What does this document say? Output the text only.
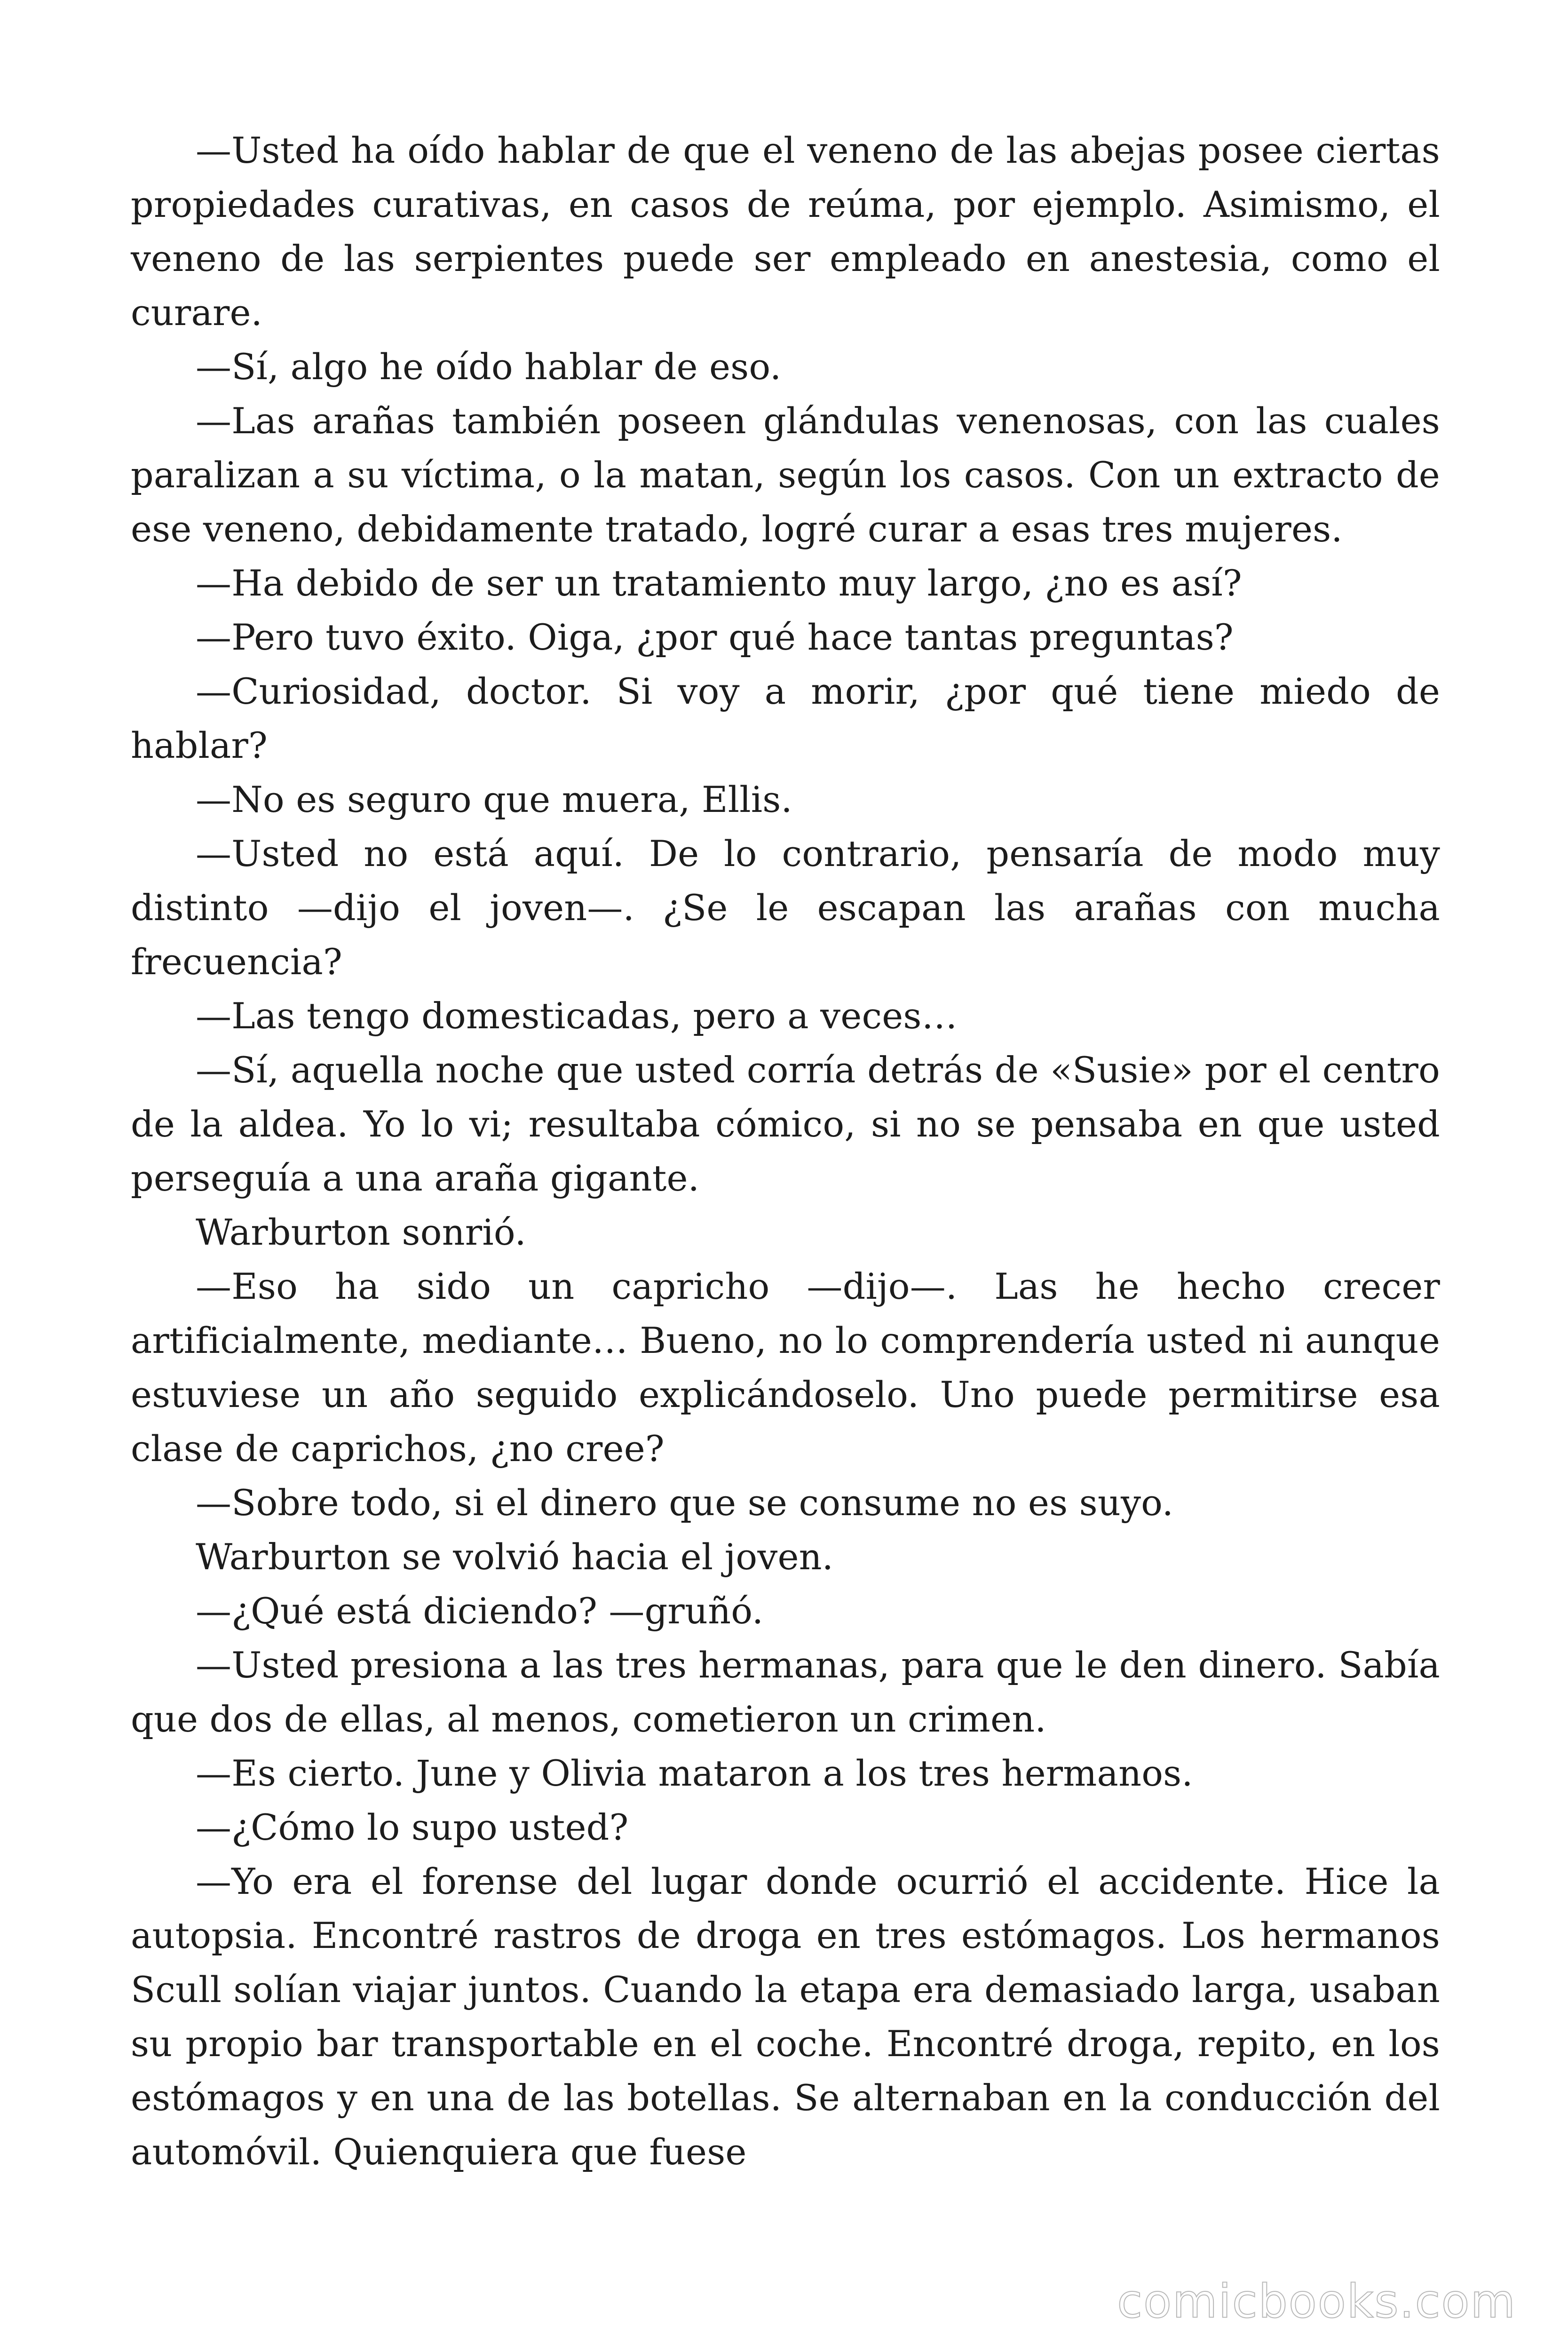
—Usted ha oído hablar de que el veneno de las abejas posee ciertas propiedades curativas, en casos de reúma, por ejemplo. Asimismo, el veneno de las serpientes puede ser empleado en anestesia, como el curare.

—Sí, algo he oído hablar de eso.

—Las arañas también poseen glándulas venenosas, con las cuales paralizan a su víctima, o la matan, según los casos. Con un extracto de ese veneno, debidamente tratado, logré curar a esas tres mujeres.

—Ha debido de ser un tratamiento muy largo, ¿no es así?

—Pero tuvo éxito. Oiga, ¿por qué hace tantas preguntas?

—Curiosidad, doctor. Si voy a morir, ¿por qué tiene miedo de hablar?

—No es seguro que muera, Ellis.

—Usted no está aquí. De lo contrario, pensaría de modo muy distinto —dijo el joven—. ¿Se le escapan las arañas con mucha frecuencia?

—Las tengo domesticadas, pero a veces…

—Sí, aquella noche que usted corría detrás de «Susie» por el centro de la aldea. Yo lo vi; resultaba cómico, si no se pensaba en que usted perseguía a una araña gigante.

Warburton sonrió.

—Eso ha sido un capricho —dijo—. Las he hecho crecer artificialmente, mediante… Bueno, no lo comprendería usted ni aunque estuviese un año seguido explicándoselo. Uno puede permitirse esa clase de caprichos, ¿no cree?

—Sobre todo, si el dinero que se consume no es suyo.

Warburton se volvió hacia el joven.

—¿Qué está diciendo? —gruñó.

—Usted presiona a las tres hermanas, para que le den dinero. Sabía que dos de ellas, al menos, cometieron un crimen.

—Es cierto. June y Olivia mataron a los tres hermanos.

—¿Cómo lo supo usted?

—Yo era el forense del lugar donde ocurrió el accidente. Hice la autopsia. Encontré rastros de droga en tres estómagos. Los hermanos Scull solían viajar juntos. Cuando la etapa era demasiado larga, usaban su propio bar transportable en el coche. Encontré droga, repito, en los estómagos y en una de las botellas. Se alternaban en la conducción del automóvil. Quienquiera que fuese

comicbooks.com
